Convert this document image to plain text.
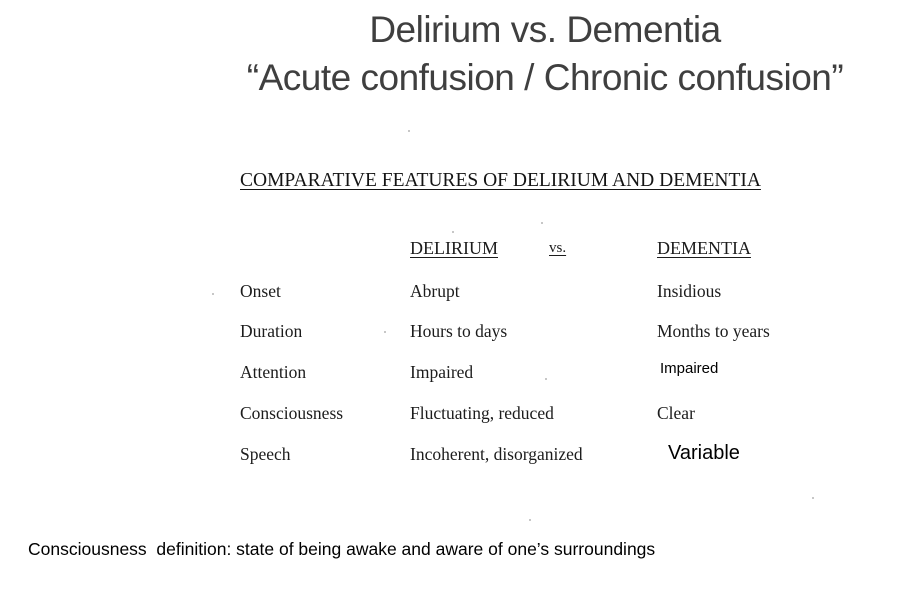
Delirium vs. Dementia
“Acute confusion / Chronic confusion”
COMPARATIVE FEATURES OF DELIRIUM AND DEMENTIA
DELIRIUM	vs.	DEMENTIA
Onset	Abrupt	Insidious
Duration	Hours to days	Months to years
Attention	Impaired	Impaired
Consciousness	Fluctuating, reduced	Clear
Speech	Incoherent, disorganized	Variable
Consciousness  definition: state of being awake and aware of one’s surroundings
